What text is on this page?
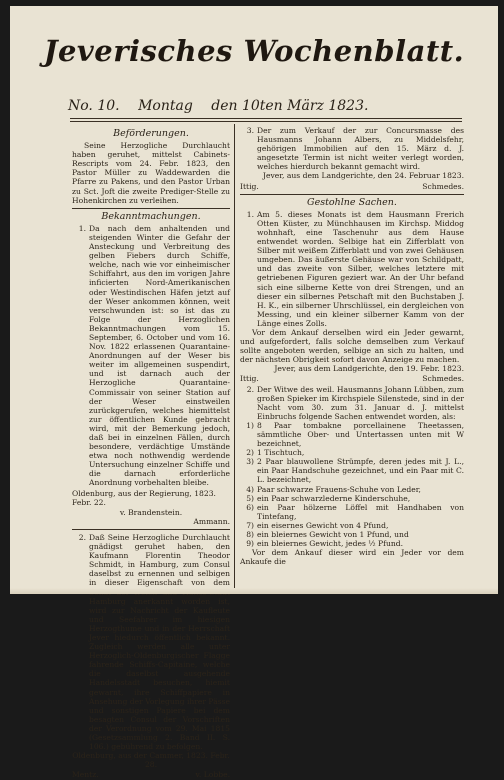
Jeverisches Wochenblatt.
No. 10. Montag den 10ten März 1823.
Beförderungen.

Seine Herzogliche Durchlaucht haben geruhet, mittelst Cabinets-Rescripts vom 24. Febr. 1823, den Pastor Müller zu Waddewarden die Pfarre zu Pakens, und den Pastor Urban zu Sct. Joft die zweite Prediger-Stelle zu Hohenkirchen zu verleihen.

Bekanntmachungen.
1. Da nach dem anhaltenden und steigenden Winter die Gefahr der Ansteckung und Verbreitung des gelben Fiebers durch Schiffe, welche, nach wie vor einheimischer Schiffahrt, aus den im vorigen Jahre inficierten Nord-Amerikanischen oder Westindischen Häfen jetzt auf der Weser ankommen können, weit verschwunden ist: so ist das zu Folge der Herzoglichen Bekanntmachungen vom 15. September, 6. October und vom 16. Nov. 1822 erlassenen Quarantaine-Anordnungen auf der Weser bis weiter im allgemeinen suspendirt, und ist darnach auch der Herzogliche Quarantaine-Commissair von seiner Station auf der Weser einstweilen zurückgerufen, welches hiemittelst zur öffentlichen Kunde gebracht wird, mit der Bemerkung jedoch, daß bei in einzelnen Fällen, durch besondere, verdächtige Umstände etwa noch nothwendig werdende Untersuchung einzelner Schiffe und die darnach erforderliche Anordnung vorbehalten bleibe.
Oldenburg, aus der Regierung, 1823. Febr. 22.
v. Brandenstein.
Ammann.
2. Daß Seine Herzogliche Durchlaucht gnädigst geruhet haben, den Kaufmann Florentin Theodor Schmidt, in Hamburg, zum Consul daselbst zu ernennen und selbigen in dieser Eigenschaft von dem Hamburg anerkannt worden ist, wird zur Nachricht der Kaufleute und Seefahrer im hiesigen Herzogthume und in der Herrschaft Jever hiedurch öffentlich bekannt. Zugleich werden alle unter Herzoglich-Oldenburgischer Flagge fahrende Schiffs-Capitaine, welche die daselbst ausgehende Handelsstadt besuchen, hiemit gewarnt, ihre Schiffpapiere in Ansehung der Vorlegung ihrer Pässe und sonstigen Papiere bei dem besagten Consul der Vorschriften der Verordnung vom 29. Mai 1815 (Gesetzsammlung 2. Band II. S. 106.) gebührend zu befolgen.
Oldenburg, aus der Cammer, 1823. Febr. 28.
Mentz.	v. Lobbe.
3. Der zum Verkauf der zur Concursmasse des Hausmanns Johann Albers, zu Middelsfehr, gehörigen Immobilien auf den 15. März d. J. angesetzte Termin ist nicht weiter verlegt worden, welches hierdurch bekannt gemacht wird.
Jever, aus dem Landgerichte, den 24. Februar 1823.
Ittig.	Schmedes.
Gestohlne Sachen.
1. Am 5. dieses Monats ist dem Hausmann Frerich Otten Küster, zu Münchhausen im Kirchsp. Middog wohnhaft, eine Taschenuhr aus dem Hause entwendet worden. Selbige hat ein Zifferblatt von Silber mit weißem Zifferblatt und von zwei Gehäusen umgeben. Das äußerste Gehäuse war von Schildpatt, und das zweite von Silber, welches letztere mit getriebenen Figuren geziert war. An der Uhr befand sich eine silberne Kette von drei Strengen, und an dieser ein silbernes Petschaft mit den Buchstaben J. H. K., ein silberner Uhrschlüssel, ein dergleichen von Messing, und ein kleiner silberner Kamm von der Länge eines Zolls.

Vor dem Ankauf derselben wird ein Jeder gewarnt, und aufgefordert, falls solche demselben zum Verkauf sollte angeboten werden, selbige an sich zu halten, und der nächsten Obrigkeit sofort davon Anzeige zu machen.

Jever, aus dem Landgerichte, den 19. Febr. 1823.
Ittig.	Schmedes.
2. Der Witwe des weil. Hausmanns Johann Lübben, zum großen Spieker im Kirchspiele Silenstede, sind in der Nacht vom 30. zum 31. Januar d. J. mittelst Einbruchs folgende Sachen entwendet worden, als:
1) 8 Paar tombakne porcellainene Theetassen, sämmtliche Ober- und Untertassen unten mit W bezeichnet,
2) 1 Tischtuch,
3) 2 Paar blauwollene Strümpfe, deren jedes mit J. L., ein Paar Handschuhe gezeichnet, und ein Paar mit C. L. bezeichnet,
4) Paar schwarze Frauens-Schuhe von Leder,
5) ein Paar schwarzlederne Kinderschuhe,
6) ein Paar hölzerne Löffel mit Handhaben von Tintefang,
7) ein eisernes Gewicht von 4 Pfund,
8) ein bleiernes Gewicht von 1 Pfund, und
9) ein bleiernes Gewicht, jedes ½ Pfund.

Vor dem Ankauf dieser wird ein Jeder vor dem Ankaufe die
